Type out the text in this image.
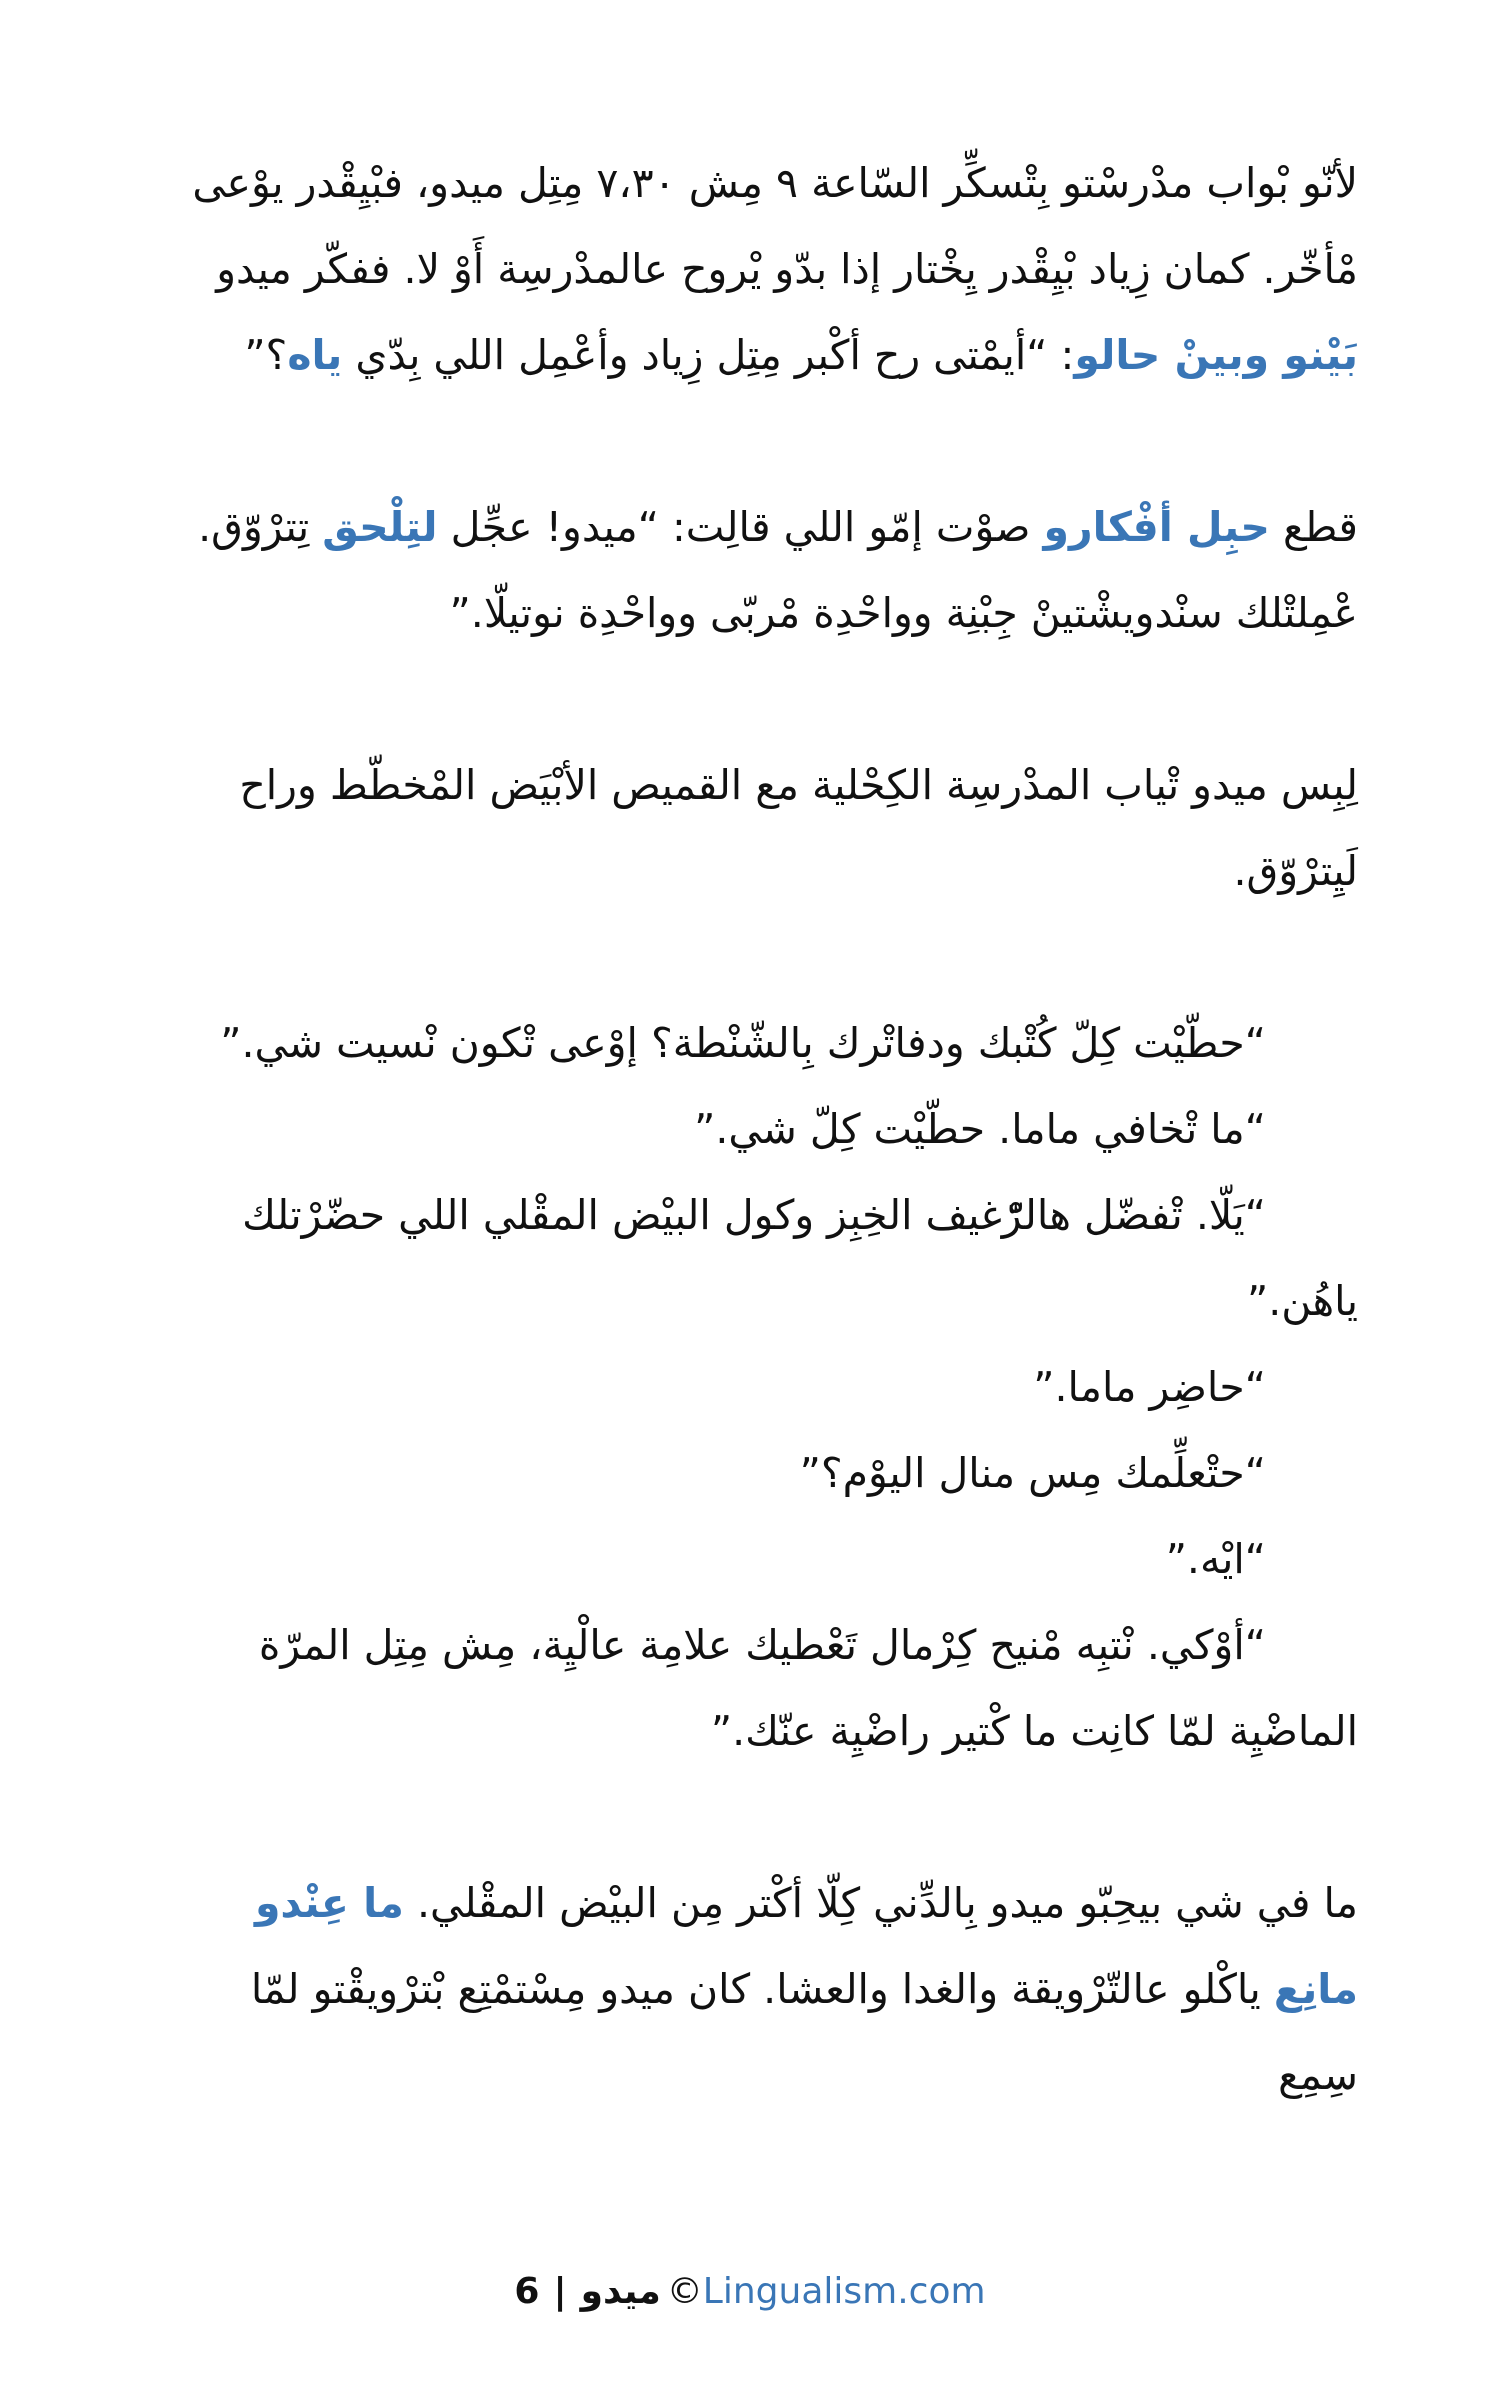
لأنّو بْواب مدْرسْتو بِتْسكِّر السّاعة ٩ مِش ٧،٣٠ مِتِل ميدو، فبْيِقْدر يوْعى مْأخّر. كمان زِياد بْيِقْدر يِخْتار إذا بدّو يْروح عالمدْرسِة أَوْ لا. ففكّر ميدو بَيْنو وبينْ حالو: “أيمْتى رح أكْبر مِتِل زِياد وأعْمِل اللي بِدّي ياه؟”

قطع حبِل أفْكارو صوْت إمّو اللي قالِت: “ميدو! عجِّل لتِلْحق تِترْوّق. عْمِلتْلك سنْدويشْتينْ جِبْنِة وواحْدِة مْربّى وواحْدِة نوتيلّا.”

لِبِس ميدو تْياب المدْرسِة الكِحْلية مع القميص الأبْيَض المْخطّط وراح لَيِترْوّق.

“حطّيْت كِلّ كُتْبك ودفاتْرك بِالشّنْطة؟ إوْعى تْكون نْسيت شي.”

“ما تْخافي ماما. حطّيْت كِلّ شي.”

“يَلّا. تْفضّل هالرّْغيف الخِبِز وكول البيْض المقْلي اللي حضّرْتلك ياهُن.”

“حاضِر ماما.”

“حتْعلِّمك مِس منال اليوْم؟”

“ايْه.”

“أوْكي. نْتبِه مْنيح كِرْمال تَعْطيك علامِة عالْيِة، مِش مِتِل المرّة الماضْيِة لمّا كانِت ما كْتير راضْيِة عنّك.”

ما في شي بيحِبّو ميدو بِالدِّني كِلّا أكْتر مِن البيْض المقْلي. ما عِنْدو مانِع ياكْلو عالتّرْويقة والغدا والعشا. كان ميدو مِسْتمْتِع بْترْويقْتو لمّا سِمِع

6 | ميدو ©Lingualism.com
